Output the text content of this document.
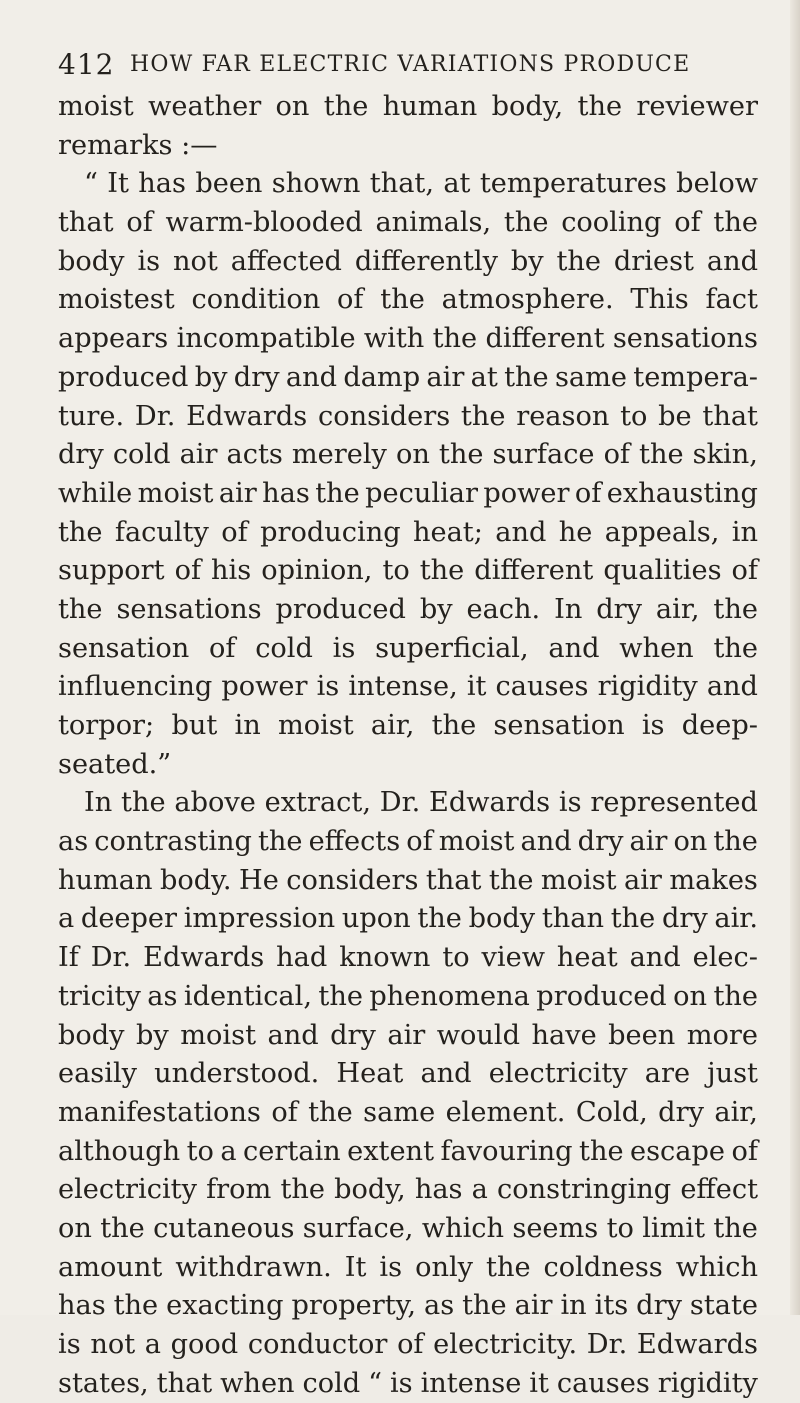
412 HOW FAR ELECTRIC VARIATIONS PRODUCE
moist weather on the human body, the reviewer
remarks :—
“ It has been shown that, at temperatures below
that of warm-blooded animals, the cooling of the
body is not affected differently by the driest and
moistest condition of the atmosphere. This fact
appears incompatible with the different sensations
produced by dry and damp air at the same tempera-
ture. Dr. Edwards considers the reason to be that
dry cold air acts merely on the surface of the skin,
while moist air has the peculiar power of exhausting
the faculty of producing heat; and he appeals, in
support of his opinion, to the different qualities of
the sensations produced by each. In dry air, the
sensation of cold is superficial, and when the
influencing power is intense, it causes rigidity and
torpor; but in moist air, the sensation is deep-
seated.”
In the above extract, Dr. Edwards is represented
as contrasting the effects of moist and dry air on the
human body. He considers that the moist air makes
a deeper impression upon the body than the dry air.
If Dr. Edwards had known to view heat and elec-
tricity as identical, the phenomena produced on the
body by moist and dry air would have been more
easily understood. Heat and electricity are just
manifestations of the same element. Cold, dry air,
although to a certain extent favouring the escape of
electricity from the body, has a constringing effect
on the cutaneous surface, which seems to limit the
amount withdrawn. It is only the coldness which
has the exacting property, as the air in its dry state
is not a good conductor of electricity. Dr. Edwards
states, that when cold “ is intense it causes rigidity
